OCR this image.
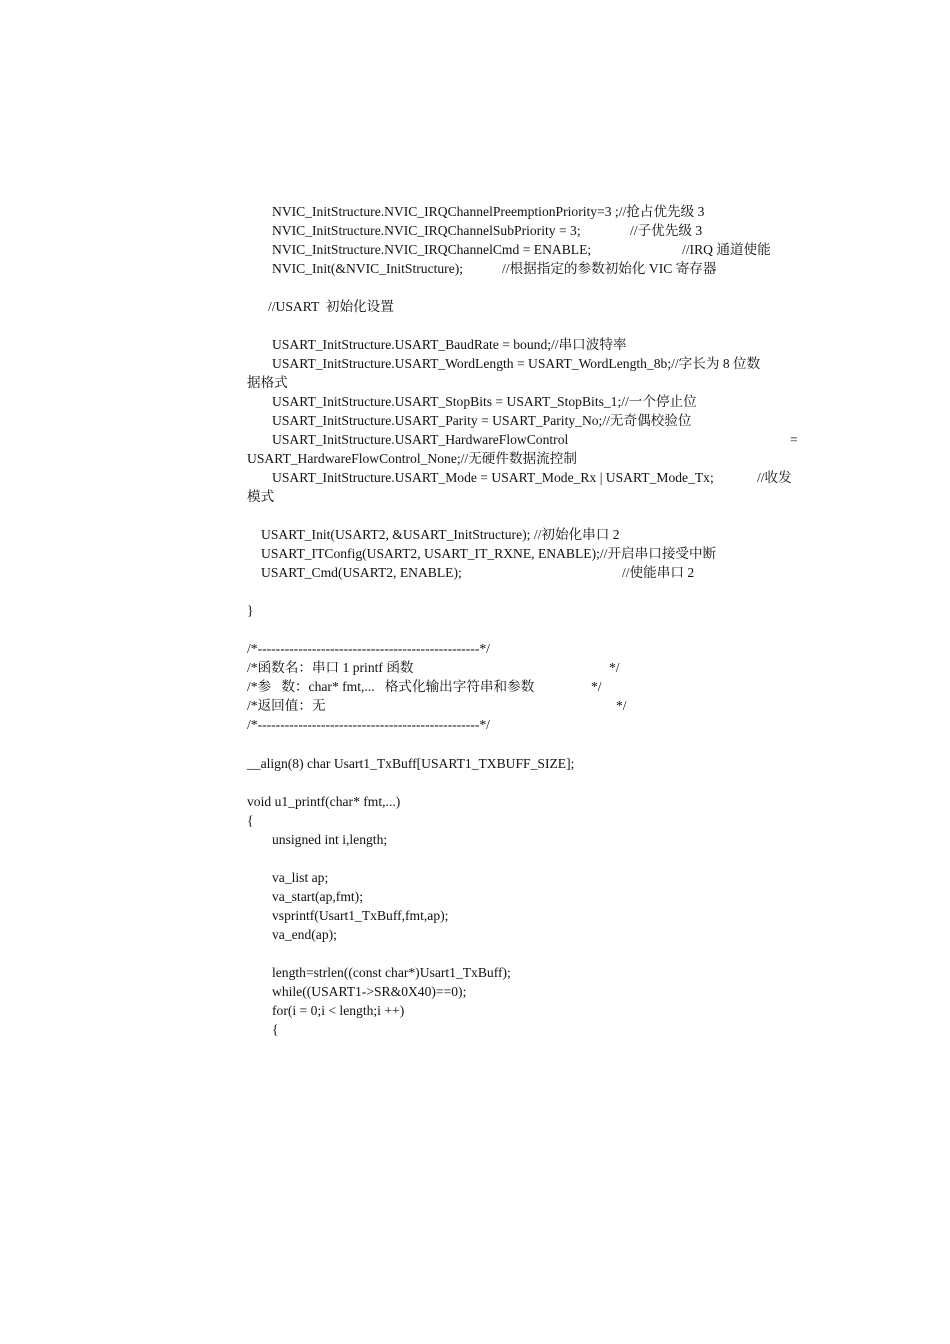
NVIC_InitStructure.NVIC_IRQChannelPreemptionPriority=3 ;//抢占优先级 3
NVIC_InitStructure.NVIC_IRQChannelSubPriority = 3;	//子优先级 3
NVIC_InitStructure.NVIC_IRQChannelCmd = ENABLE;	//IRQ 通道使能
NVIC_Init(&NVIC_InitStructure);	//根据指定的参数初始化 VIC 寄存器
//USART  初始化设置
USART_InitStructure.USART_BaudRate = bound;//串口波特率
USART_InitStructure.USART_WordLength = USART_WordLength_8b;//字长为 8 位数
据格式
USART_InitStructure.USART_StopBits = USART_StopBits_1;//一个停止位
USART_InitStructure.USART_Parity = USART_Parity_No;//无奇偶校验位
USART_InitStructure.USART_HardwareFlowControl	=
USART_HardwareFlowControl_None;//无硬件数据流控制
USART_InitStructure.USART_Mode = USART_Mode_Rx | USART_Mode_Tx;	//收发
模式
USART_Init(USART2, &USART_InitStructure); //初始化串口 2
USART_ITConfig(USART2, USART_IT_RXNE, ENABLE);//开启串口接受中断
USART_Cmd(USART2, ENABLE);	//使能串口 2
}
/*-------------------------------------------------*/
/*函数名：串口 1 printf 函数	*/
/*参   数：char* fmt,...   格式化输出字符串和参数	*/
/*返回值：无	*/
/*-------------------------------------------------*/
__align(8) char Usart1_TxBuff[USART1_TXBUFF_SIZE];
void u1_printf(char* fmt,...)
{
unsigned int i,length;
va_list ap;
va_start(ap,fmt);
vsprintf(Usart1_TxBuff,fmt,ap);
va_end(ap);
length=strlen((const char*)Usart1_TxBuff);
while((USART1->SR&0X40)==0);
for(i = 0;i < length;i ++)
{
